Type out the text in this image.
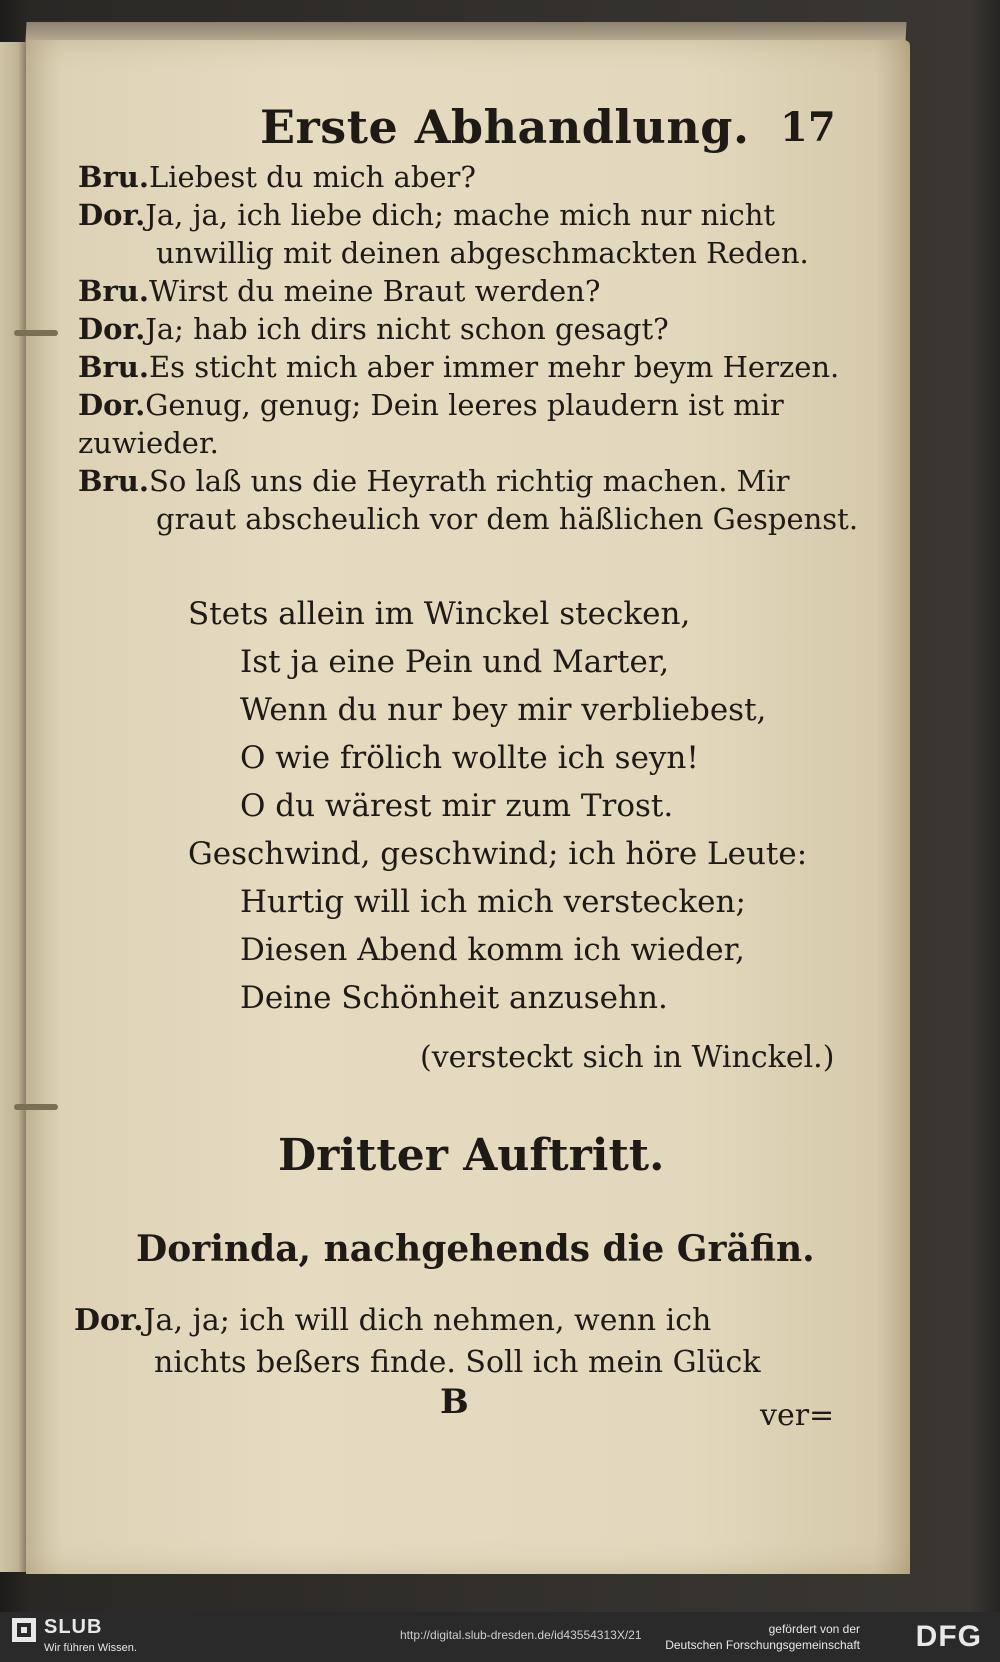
Erste Abhandlung. 17
Bru.Liebest du mich aber?
Dor.Ja, ja, ich liebe dich; mache mich nur nicht
unwillig mit deinen abgeschmackten Reden.
Bru.Wirst du meine Braut werden?
Dor.Ja; hab ich dirs nicht schon gesagt?
Bru.Es sticht mich aber immer mehr beym Herzen.
Dor.Genug, genug; Dein leeres plaudern ist mir
zuwieder.
Bru.So laß uns die Heyrath richtig machen. Mir
graut abscheulich vor dem häßlichen Gespenst.
Stets allein im Winckel stecken,
Ist ja eine Pein und Marter,
Wenn du nur bey mir verbliebest,
O wie frölich wollte ich seyn!
O du wärest mir zum Trost.
Geschwind, geschwind; ich höre Leute:
Hurtig will ich mich verstecken;
Diesen Abend komm ich wieder,
Deine Schönheit anzusehn.
(versteckt sich in Winckel.)
Dritter Auftritt.
Dorinda, nachgehends die Gräfin.
Dor.Ja, ja; ich will dich nehmen, wenn ich
nichts beßers finde. Soll ich mein Glück
B	ver=
SLUB
Wir führen Wissen.
http://digital.slub-dresden.de/id43554313X/21	gefördert von der
Deutschen Forschungsgemeinschaft DFG
